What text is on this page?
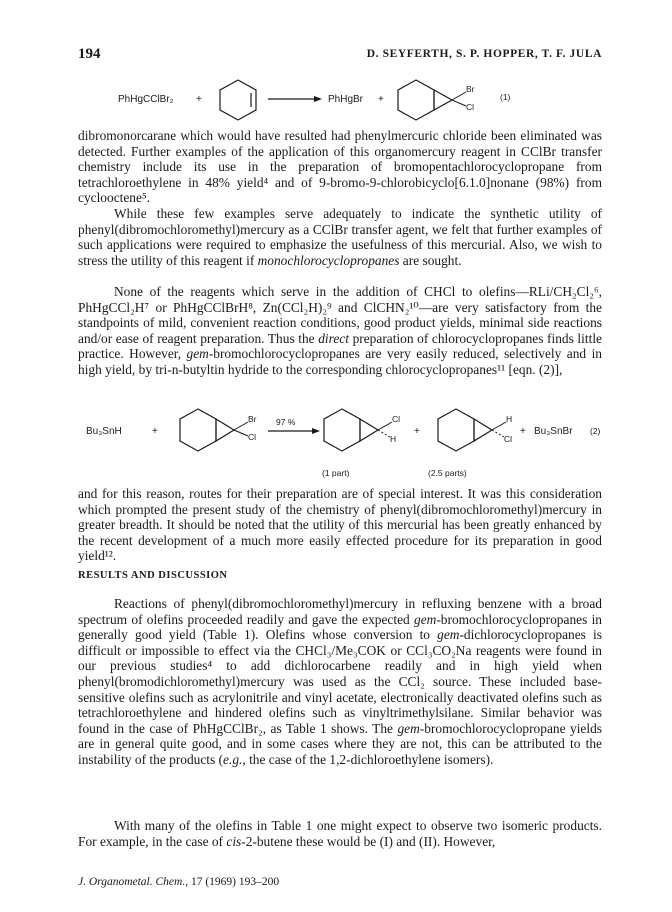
194	D. SEYFERTH, S. P. HOPPER, T. F. JULA
PhHgCClBr₂ +	PhHgBr +
Br
Cl
(1)

dibromonorcarane which would have resulted had phenylmercuric chloride been eliminated was detected. Further examples of the application of this organomercury reagent in CClBr transfer chemistry include its use in the preparation of bromopentachlorocyclopropane from tetrachloroethylene in 48% yield⁴ and of 9-bromo-9-chlorobicyclo[6.1.0]nonane (98%) from cyclooctene⁵.

While these few examples serve adequately to indicate the synthetic utility of phenyl(dibromochloromethyl)mercury as a CClBr transfer agent, we felt that further examples of such applications were required to emphasize the usefulness of this mercurial. Also, we wish to stress the utility of this reagent if monochlorocyclopropanes are sought.

None of the reagents which serve in the addition of CHCl to olefins—RLi/CH₂Cl₂⁶, PhHgCCl₂H⁷ or PhHgCClBrH⁸, Zn(CCl₂H)₂⁹ and ClCHN₂¹⁰—are very satisfactory from the standpoints of mild, convenient reaction conditions, good product yields, minimal side reactions and/or ease of reagent preparation. Thus the direct preparation of chlorocyclopropanes finds little practice. However, gem-bromochlorocyclopropanes are very easily reduced, selectively and in high yield, by tri-n-butyltin hydride to the corresponding chlorocyclopropanes¹¹ [eqn. (2)],

Bu₃SnH	+
Br
Cl
97 %	Cl
H
+
H
Cl
+ Bu₃SnBr (2)
(1 part)	(2.5 parts)

and for this reason, routes for their preparation are of special interest. It was this consideration which prompted the present study of the chemistry of phenyl(dibromochloromethyl)mercury in greater breadth. It should be noted that the utility of this mercurial has been greatly enhanced by the recent development of a much more easily effected procedure for its preparation in good yield¹².

RESULTS AND DISCUSSION

Reactions of phenyl(dibromochloromethyl)mercury in refluxing benzene with a broad spectrum of olefins proceeded readily and gave the expected gem-bromochlorocyclopropanes in generally good yield (Table 1). Olefins whose conversion to gem-dichlorocyclopropanes is difficult or impossible to effect via the CHCl₃/Me₃COK or CCl₃CO₂Na reagents were found in our previous studies⁴ to add dichlorocarbene readily and in high yield when phenyl(bromodichloromethyl)mercury was used as the CCl₂ source. These included base-sensitive olefins such as acrylonitrile and vinyl acetate, electronically deactivated olefins such as tetrachloroethylene and hindered olefins such as vinyltrimethylsilane. Similar behavior was found in the case of PhHgCClBr₂, as Table 1 shows. The gem-bromochlorocyclopropane yields are in general quite good, and in some cases where they are not, this can be attributed to the instability of the products (e.g., the case of the 1,2-dichloroethylene isomers).

With many of the olefins in Table 1 one might expect to observe two isomeric products. For example, in the case of cis-2-butene these would be (I) and (II). However,

J. Organometal. Chem., 17 (1969) 193–200
